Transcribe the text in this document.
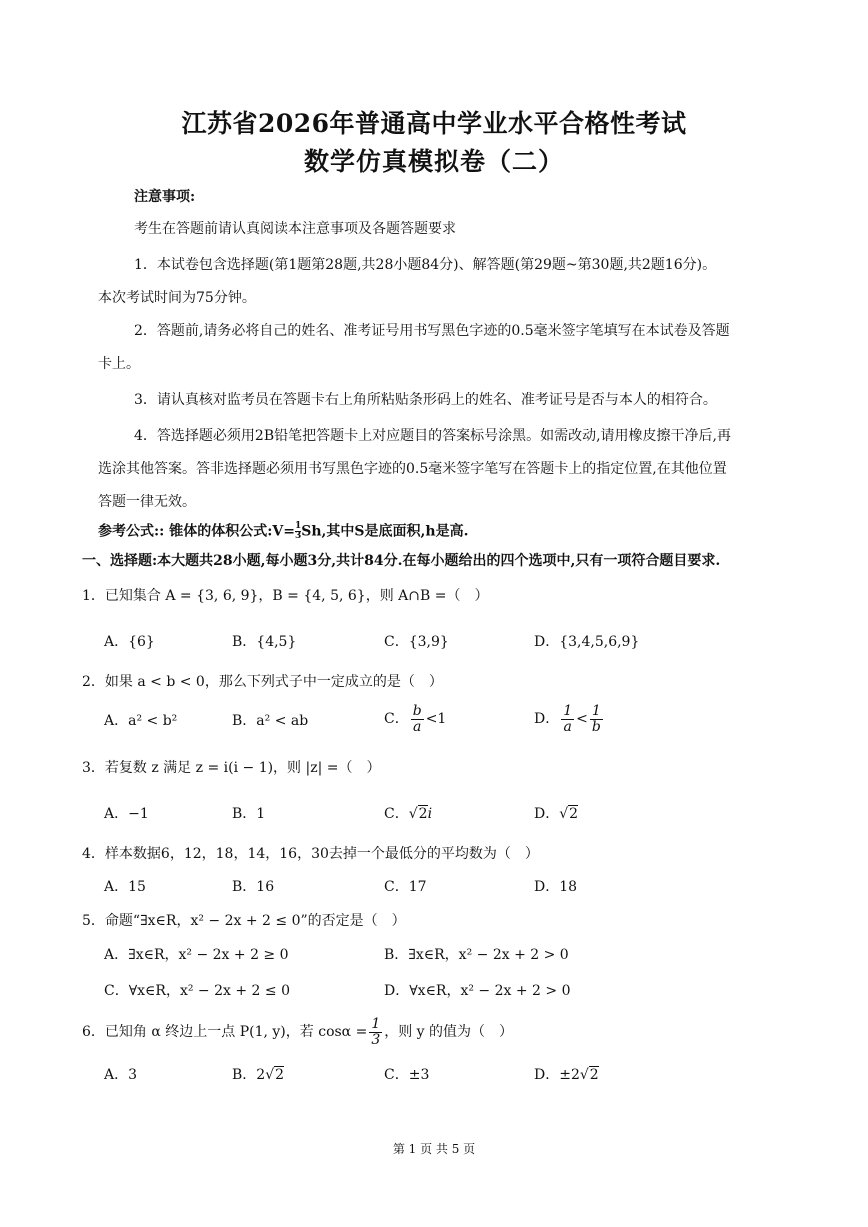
江苏省2026年普通高中学业水平合格性考试
数学仿真模拟卷（二）
注意事项:
考生在答题前请认真阅读本注意事项及各题答题要求
1．本试卷包含选择题(第1题第28题,共28小题84分)、解答题(第29题~第30题,共2题16分)。
本次考试时间为75分钟。
2．答题前,请务必将自己的姓名、准考证号用书写黑色字迹的0.5毫米签字笔填写在本试卷及答题
卡上。
3．请认真核对监考员在答题卡右上角所粘贴条形码上的姓名、准考证号是否与本人的相符合。
4．答选择题必须用2B铅笔把答题卡上对应题目的答案标号涂黑。如需改动,请用橡皮擦干净后,再
选涂其他答案。答非选择题必须用书写黑色字迹的0.5毫米签字笔写在答题卡上的指定位置,在其他位置
答题一律无效。
参考公式:: 锥体的体积公式:V= $\frac{1}{3} Sh$,其中S是底面积,h是高.
一、选择题:本大题共28小题,每小题3分,共计84分.在每小题给出的四个选项中,只有一项符合题目要求.
1．已知集合 A = {3, 6, 9}，B = {4, 5, 6}，则 A∩B =（　）
A．{6}	B．{4,5}	C．{3,9}	D．{3,4,5,6,9}
2．如果 a < b < 0，那么下列式子中一定成立的是（　）
A．a² < b²	B．a² < ab	C． $\frac{b}{a} <1$	D． $\frac{1}{a} < \frac{1}{b}$
3．若复数 z 满足 z = i(i − 1)，则 |z| =（　）
A．−1	B．1	C．√2i	D．√2
4．样本数据6，12，18，14，16，30去掉一个最低分的平均数为（　）
A．15	B．16	C．17	D．18
5．命题“∃x∈R，x² − 2x + 2 ≤ 0”的否定是（　）
A．∃x∈R，x² − 2x + 2 ≥ 0	B．∃x∈R，x² − 2x + 2 > 0
C．∀x∈R，x² − 2x + 2 ≤ 0	D．∀x∈R，x² − 2x + 2 > 0
6．已知角 α 终边上一点 P(1, y)，若 $\cos\alpha = \frac{1}{3}$ ，则 y 的值为（　）
A．3	B．2√2	C．±3	D．±2√2
第 1 页 共 5 页
